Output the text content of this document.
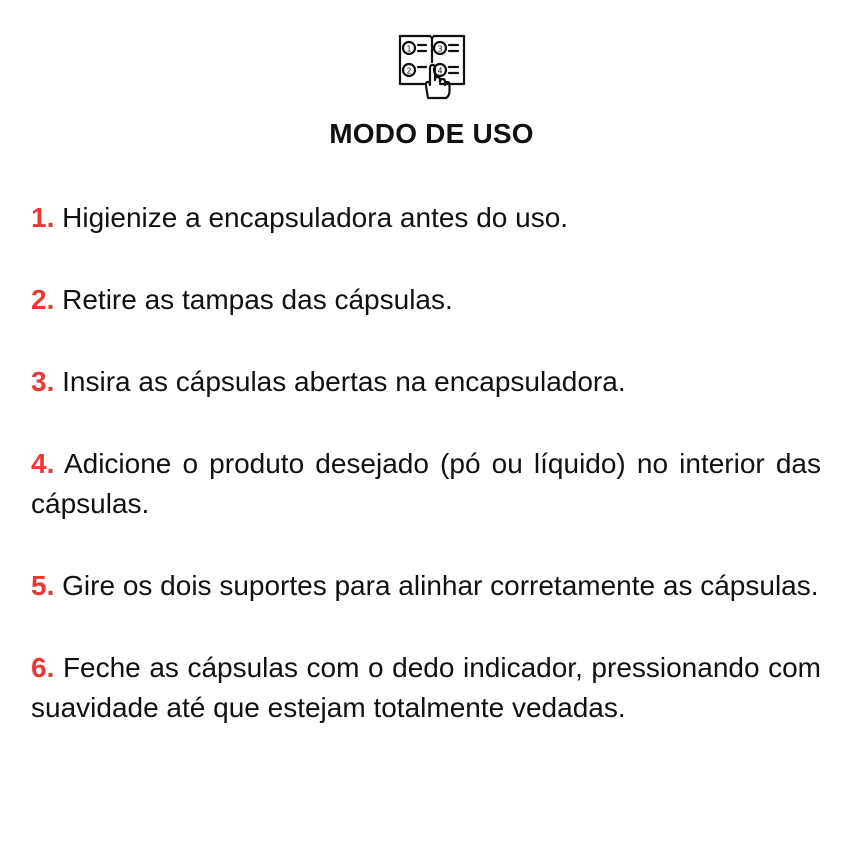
1	3
2	4
MODO DE USO
1. Higienize a encapsuladora antes do uso.
2. Retire as tampas das cápsulas.
3. Insira as cápsulas abertas na encapsuladora.
4. Adicione o produto desejado (pó ou líquido) no interior das cápsulas.
5. Gire os dois suportes para alinhar corretamente as cápsulas.
6. Feche as cápsulas com o dedo indicador, pressionando com suavidade até que estejam totalmente vedadas.
